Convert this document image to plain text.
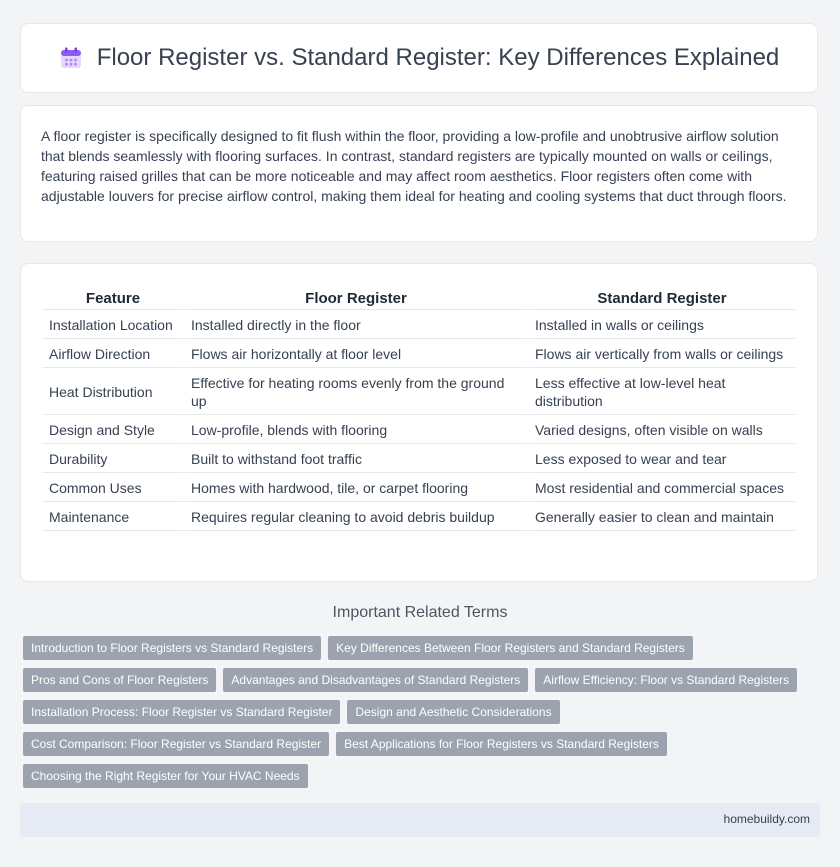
Floor Register vs. Standard Register: Key Differences Explained

A floor register is specifically designed to fit flush within the floor, providing a low-profile and unobtrusive airflow solution that blends seamlessly with flooring surfaces. In contrast, standard registers are typically mounted on walls or ceilings, featuring raised grilles that can be more noticeable and may affect room aesthetics. Floor registers often come with adjustable louvers for precise airflow control, making them ideal for heating and cooling systems that duct through floors.

Feature	Floor Register	Standard Register
Installation Location	Installed directly in the floor	Installed in walls or ceilings
Airflow Direction	Flows air horizontally at floor level	Flows air vertically from walls or ceilings
Heat Distribution	Effective for heating rooms evenly from the ground up	Less effective at low-level heat distribution
Design and Style	Low-profile, blends with flooring	Varied designs, often visible on walls
Durability	Built to withstand foot traffic	Less exposed to wear and tear
Common Uses	Homes with hardwood, tile, or carpet flooring	Most residential and commercial spaces
Maintenance	Requires regular cleaning to avoid debris buildup	Generally easier to clean and maintain
Important Related Terms
Introduction to Floor Registers vs Standard Registers	Key Differences Between Floor Registers and Standard Registers
Pros and Cons of Floor Registers	Advantages and Disadvantages of Standard Registers	Airflow Efficiency: Floor vs Standard Registers
Installation Process: Floor Register vs Standard Register	Design and Aesthetic Considerations
Cost Comparison: Floor Register vs Standard Register	Best Applications for Floor Registers vs Standard Registers
Choosing the Right Register for Your HVAC Needs
homebuildy.com
